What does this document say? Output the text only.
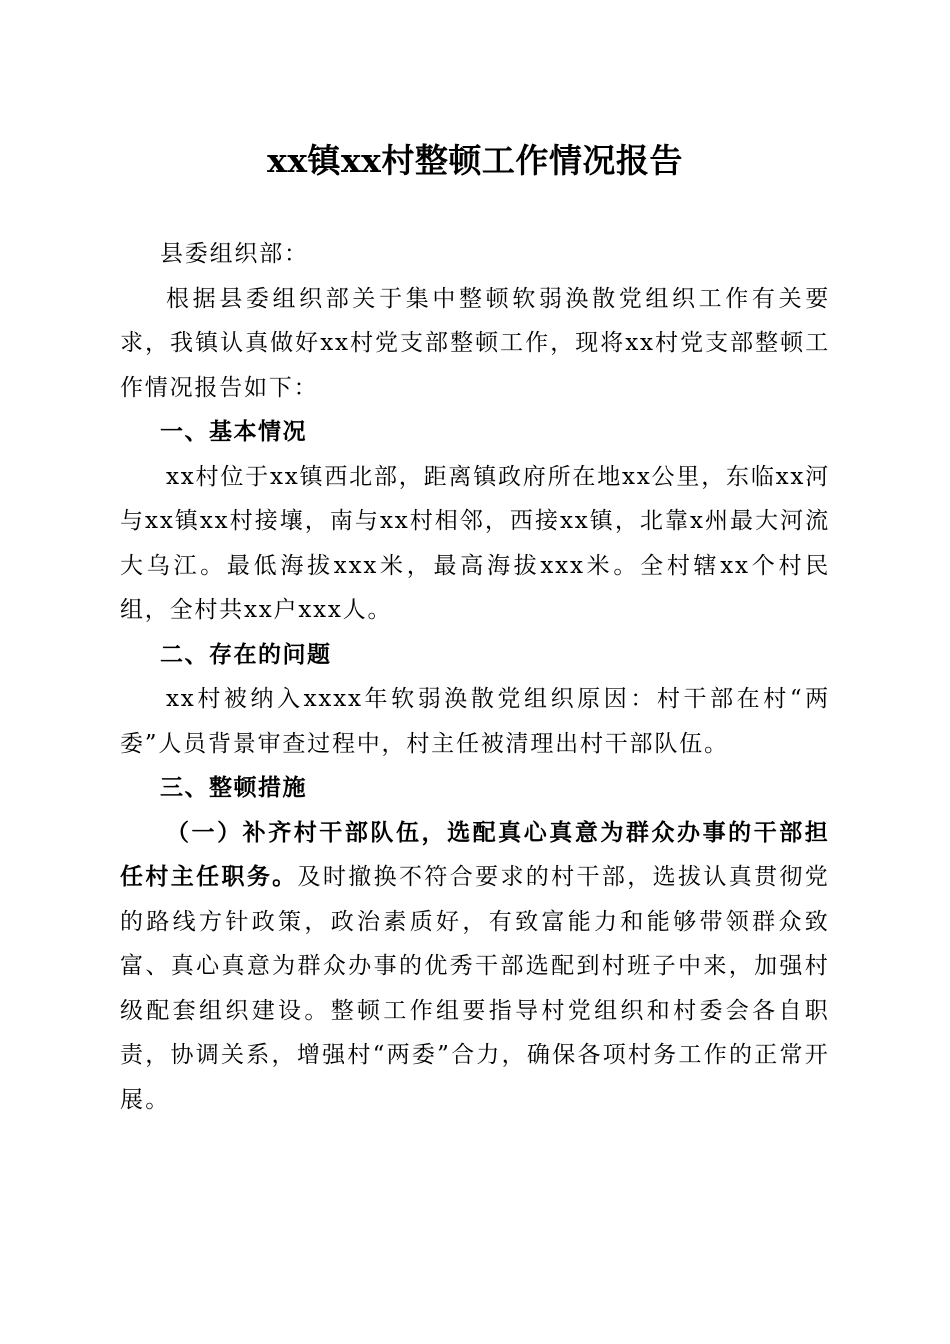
xx镇xx村整顿工作情况报告

县委组织部：

根据县委组织部关于集中整顿软弱涣散党组织工作有关要求，我镇认真做好xx村党支部整顿工作，现将xx村党支部整顿工作情况报告如下：

一、基本情况

xx村位于xx镇西北部，距离镇政府所在地xx公里，东临xx河与xx镇xx村接壤，南与xx村相邻，西接xx镇，北靠x州最大河流大乌江。最低海拔xxx米，最高海拔xxx米。全村辖xx个村民组，全村共xx户xxx人。

二、存在的问题

xx村被纳入xxxx年软弱涣散党组织原因：村干部在村“两委”人员背景审查过程中，村主任被清理出村干部队伍。

三、整顿措施

（一）补齐村干部队伍，选配真心真意为群众办事的干部担任村主任职务。及时撤换不符合要求的村干部，选拔认真贯彻党的路线方针政策，政治素质好，有致富能力和能够带领群众致富、真心真意为群众办事的优秀干部选配到村班子中来，加强村级配套组织建设。整顿工作组要指导村党组织和村委会各自职责，协调关系，增强村“两委”合力，确保各项村务工作的正常开展。
